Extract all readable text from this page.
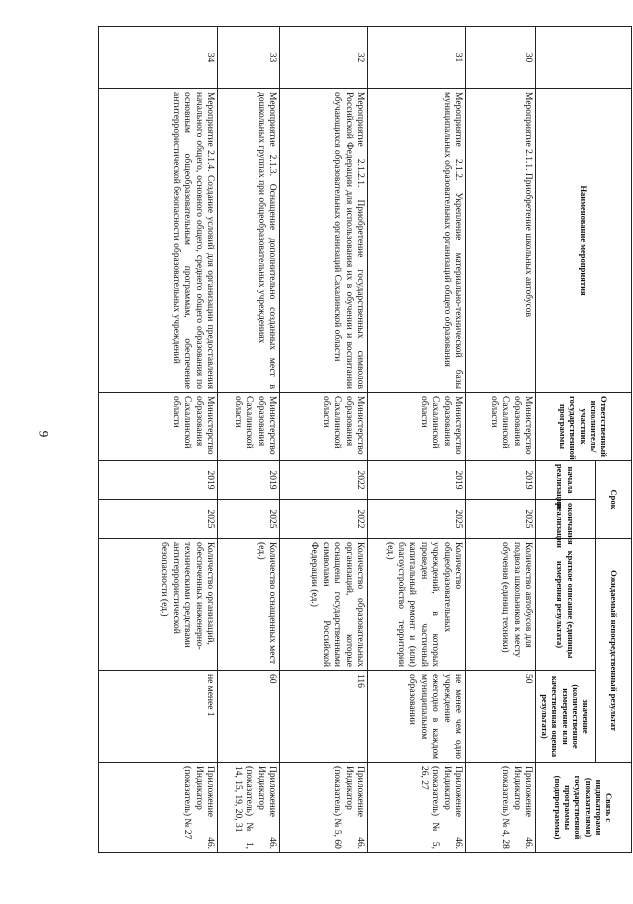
9
	Наименование мероприятия	Ответственный исполнитель/участник государственной программы	Срок		Ожидаемый непосредственный результат		Связь с индикаторами (показателями) государственной программы (подпрограммы)
			начала реализации	окончания реализации	краткое описание (единицы измерения результата)	значение (количественное измерение или качественная оценка результата)	
30	Мероприятие 2.1.1. Приобретение школьных автобусов	Министерство образования Сахалинской области	2019	2025	Количество автобусов для подвоза школьников к месту обучения (единиц техники)	50	Приложение 46. Индикатор (показатель) № 4, 28
31	Мероприятие 2.1.2. Укрепление материально-технической базы муниципальных образовательных организаций общего образования	Министерство образования Сахалинской области	2019	2025	Количество общеобразовательных учреждений, в которых проведен частичный капитальный ремонт и (или) благоустройство территории (ед.)	не менее чем одно учреждение ежегодно в каждом муниципальном образовании	Приложение 46. Индикатор (показатель) № 5, 26, 27
32	Мероприятие 2.1.2.1. Приобретение государственных символов Российской Федерации для использования их в обучении и воспитании обучающихся образовательных организаций Сахалинской области	Министерство образования Сахалинской области	2022	2022	Количество образовательных организаций, которые оснащены государственными символами Российской Федерации (ед.)	116	Приложение 46. Индикатор (показатель) № 5, 60
33	Мероприятие 2.1.3. Оснащение дополнительно созданных мест в дошкольных группах при общеобразовательных учреждениях	Министерство образования Сахалинской области	2019	2025	Количество оснащенных мест (ед.)	60	Приложение 46. Индикатор (показатель) № 1, 14, 15, 19, 20, 31
34	Мероприятие 2.1.4. Создание условий для организации предоставления начального общего, основного общего, среднего общего образования по основным общеобразовательным программам, обеспечение антитеррористической безопасности образовательных учреждений	Министерство образования Сахалинской области	2019	2025	Количество организаций, обеспеченных инженерно-техническими средствами антитеррористической безопасности (ед.)	не менее 1	Приложение 46. Индикатор (показатель) № 27
